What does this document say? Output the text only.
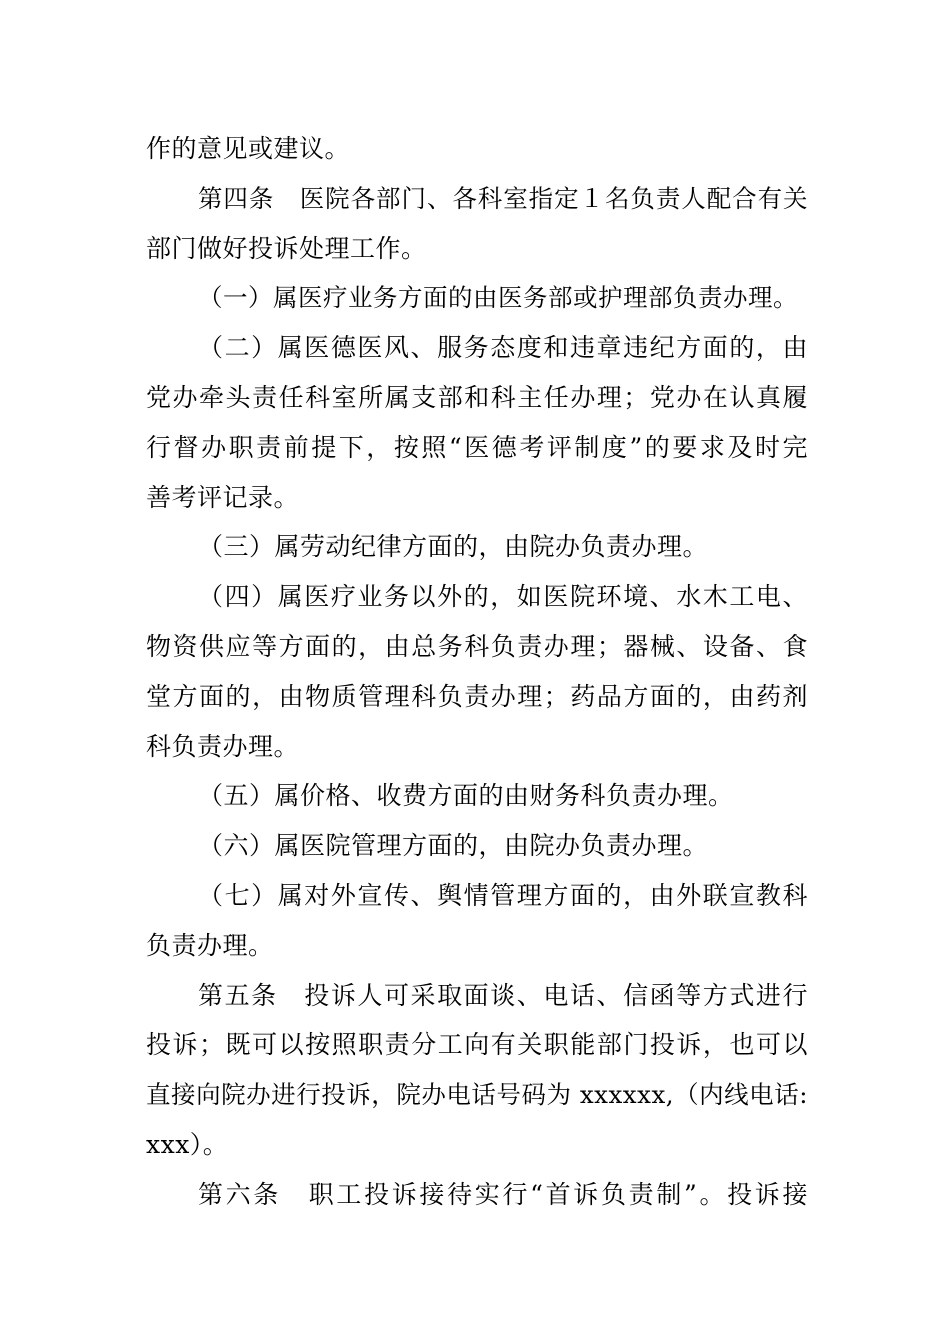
作的意见或建议。
第四条　医院各部门、各科室指定１名负责人配合有关
部门做好投诉处理工作。
（一）属医疗业务方面的由医务部或护理部负责办理。
（二）属医德医风、服务态度和违章违纪方面的，由
党办牵头责任科室所属支部和科主任办理；党办在认真履
行督办职责前提下，按照“医德考评制度”的要求及时完
善考评记录。
（三）属劳动纪律方面的，由院办负责办理。
（四）属医疗业务以外的，如医院环境、水木工电、
物资供应等方面的，由总务科负责办理；器械、设备、食
堂方面的，由物质管理科负责办理；药品方面的，由药剂
科负责办理。
（五）属价格、收费方面的由财务科负责办理。
（六）属医院管理方面的，由院办负责办理。
（七）属对外宣传、舆情管理方面的，由外联宣教科
负责办理。
第五条　投诉人可采取面谈、电话、信函等方式进行
投诉；既可以按照职责分工向有关职能部门投诉，也可以
直接向院办进行投诉，院办电话号码为 xxxxxx,（内线电话:
xxx）。
第六条　职工投诉接待实行“首诉负责制”。投诉接
